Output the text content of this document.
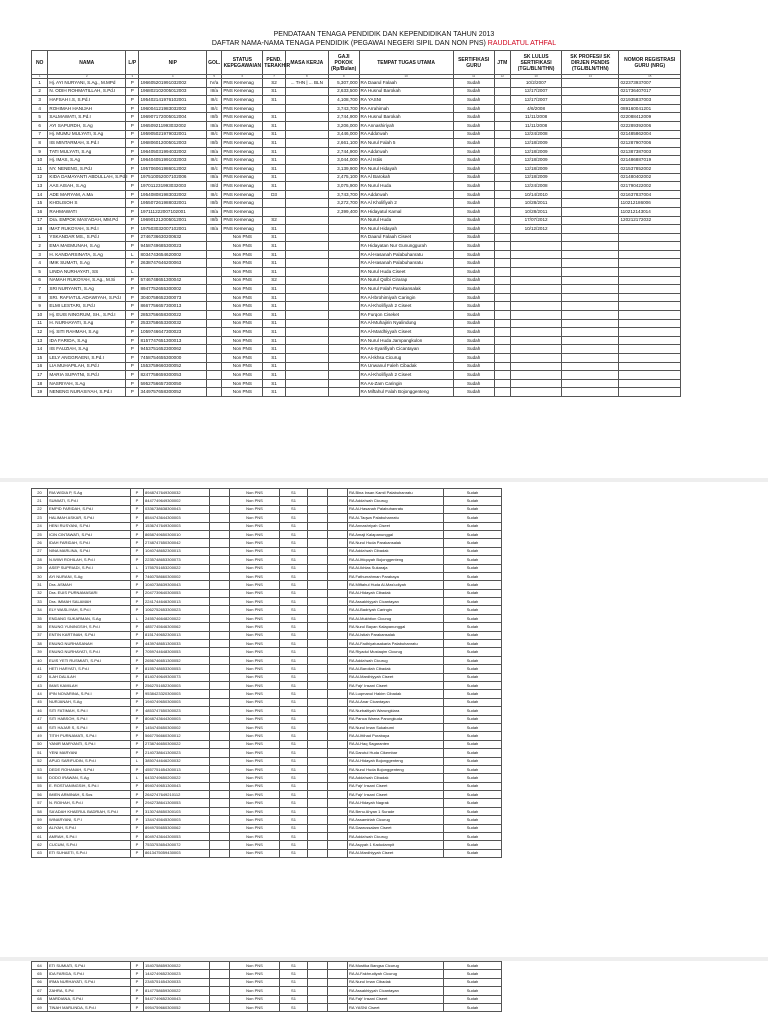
PENDATAAN TENAGA PENDIDIK DAN KEPENDIDIKAN TAHUN 2013
DAFTAR NAMA-NAMA TENAGA PENDIDIK (PEGAWAI NEGERI SIPIL DAN NON PNS) RAUDLATUL ATHFAL
NO	NAMA	L/P	NIP	GOL.	STATUS KEPEGAWAIAN	PEND. TERAKHIR	MASA KERJA	GAJI POKOK (Rp/Bulan)	TEMPAT TUGAS UTAMA	SERTIFIKASI GURU	JTM	SK LULUS SERTIFIKASI (TGL/BLN/THN)	SK PROFESI/ SK DIRJEN PENDIS (TGL/BLN/THN)	NOMOR REGISTRASI GURU (NRG)
1	2	3	4	5	6	7	8	9	10	11	12	13	14	15
1	Hj. AYI NURYANI, S.Ag., M.MPd	P	196605201991032002	IV/a	PNS Kemenag	S2	... THN | ... BLN	5,307,000	RA Daarul Falaah	Sudah		10/2/2007		022373937007
2	N. ODIH ROHMATILLAH, S.Pd.I	P	196802102005012003	III/a	PNS Kemenag	S1		2,633,500	RA Husnul Barokah	Sudah		12/17/2007		021736407017
3	HAFSAH I.S, S.Pd.I	P	195402141976102001	III/c	PNS Kemenag	S1		4,108,700	RA YASNI	Sudah		12/17/2007		021935837003
4	ROHIMAH HANIJAH	P	196004121983032002	III/c	PNS Kemenag			3,743,700	RA Arrahimah	Sudah		4/6/2008		089160041201
5	SALMAWATI, S.Pd.I	P	196907172005012004	III/b	PNS Kemenag	S1		2,744,900	RA Husnul Barokah	Sudah		11/11/2008		022088412009
6	AYI SAPURDH, S.Ag	P	196509211993032002	III/a	PNS Kemenag	S1		3,206,000	RA Annashiriyah	Sudah		11/11/2008		022289392006
7	Hj. MUMU MULYATI, S.Ag	P	195905021979032001	III/c	PNS Kemenag	S1		3,446,000	RA Adda'wah	Sudah		12/24/2008		021485862004
8	IIS MINTARMAH, S.Pd.I	P	196806012005012003	III/b	PNS Kemenag	S1		2,661,100	RA Nurul Falah 5	Sudah		12/18/2009		021287907006
9	TATI MULYATI, S.Ag	P	196405031994032002	III/a	PNS Kemenag	S1		2,744,900	RA Adda'wah	Sudah		12/18/2009		021387387003
10	Hj. IMAS, S.Ag	P	196404051991032003	III/c	PNS Kemenag	S1		3,044,000	RA Al Istiis	Sudah		12/18/2009		021486887019
11	NY. NENENG, S.Pd.I	P	195706061986012002	III/c	PNS Kemenag	S1		3,139,900	RA Nurul Hidayah	Sudah		12/18/2009		021537852002
12	KIDA DAMAYANTI ABDULLAH, S.Pd.I	P	197510052007102006	III/a	PNS Kemenag	S1		2,475,100	RA Al Barokah	Sudah		12/18/2009		021480402002
13	AAS AISAH, S.Ag	P	197011231993032003	III/d	PNS Kemenag	S1		3,075,900	RA Nurul Huda	Sudah		12/24/2008		021790422002
14	ADE MARYAM, A.Ma	P	195408081983032002	III/c	PNS Kemenag	D3		3,743,700	RA Adda'wah	Sudah		10/14/2010		021637837004
15	KHOLISOH S	P	195507261988032001	III/b	PNS Kemenag			3,272,700	RA Al Kholifiyah 2	Sudah		10/28/2011		110212186006
16	RAHMAWATI	P	197111222007102001	III/a	PNS Kemenag			2,399,400	RA Hidayatul Kamal	Sudah		10/28/2011		110212143014
17	Dra. EMPOK MAS'ADAH, MM.Pd	P	196901212005012001	III/b	PNS Kemenag	S2			RA Nurul Huda	Sudah		17/07/2012		120212172032
18	IMAT RUKOYAH, S.Pd.I	P	197503032007102001	III/a	PNS Kemenag	S1			RA Nurul Hidayah	Sudah		10/12/2012		
1	YSKANDAR MS., S.Pd.I	P	2746736630200632		Non PNS	S1			RA Daarul Falaah Ciseet	Sudah				
2	EMA MAEMUNAH, S.Ag	P	9458749685300023		Non PNS	S1			RA Hidayatan Nur Gununggurah	Sudah				
3	H. KANDARSINATA, S.Ag	L	8034743654620002		Non PNS	S1			RA Al-Hasanah Palabuhanratu	Sudah				
4	IMIK SUMATI, S.Ag	P	2638747646200063		Non PNS	S1			RA Al-Hasanah Palabuhanratu	Sudah				
5	LINDA NURHAYATI, SS	L			Non PNS	S1			RA Nurul Huda Ciseet	Sudah				
6	NAMAH RUKOYAH, S.Ag., M.Si	P	5746748651300042		Non PNS	S2			RA Nurul Qolbi Cirarap	Sudah				
7	SRI NURYANTI, S.Ag	P	8947752655300002		Non PNS	S1			RA Nurul Falah Parakansalak	Sudah				
8	SRI. RAFIATUL ADAWIYAH, S.Pd.I	P	3040758652300073		Non PNS	S1			RA Al-Ibrohimiyah Caringin	Sudah				
9	ELMI LESTARI, S.Pd.I	P	8667756657300013		Non PNS	S1			RA Al-Kholifiyah 2 Ciseet	Sudah				
10	Hj. EUIS NINGRUM, SH., S.Pd.I	P	2853756658300022		Non PNS	S1			RA Furqon Ciseket	Sudah				
11	H. NURHAYATI, S.Ag	P	2533758653300032		Non PNS	S1			RA Al-Muhajirin Nyalindung	Sudah				
12	Hj. SITI RAHMAH, S.Ag	P	1059746647300023		Non PNS	S1			RA Al-Mardhiyyah Ciseet	Sudah				
13	IDA FARIDA, S.Ag	P	8157747651300013		Non PNS	S1			RA Nurul Huda Jampangkulon	Sudah				
14	IIS FAUZIAH, S.Ag	P	9453751652300062		Non PNS	S1			RA As-Syarifiyah Cicantayan	Sudah				
15	LELY ANGGRAENI, S.Pd.I	P	7458754655300000		Non PNS	S1			RA Al-Ikhsa Cicurug	Sudah				
16	LIA MUHAPILAH, S.Pd.I	P	1553759660300052		Non PNS	S1			RA Unwanul Faleh Cibadak	Sudah				
17	MARIA SUPATNI, S.Pd.I	P	8247758659300053		Non PNS	S1			RA Al-Kholifiyah 2 Ciseet	Sudah				
18	NASRIYAH, S.Ag	P	5952756657300050		Non PNS	S1			RA As-Zam Caringin	Sudah				
19	NENENG NURASIYAH, S.Pd.I	P	3449757658300052		Non PNS	S1			RA Miftahul Falah Bojonggenteng	Sudah				
20	RIA WIDIA P, S.Ag	P	8948747649300032		Non PNS	S1			RA Bina Insan Kamil Palabuhanratu	Sudah
21	SUMIATI, S.Pd.I	P	8447749649300002		Non PNS	S1			RA Adda'wah Cicurug	Sudah
22	EMPID FARIDAH, S.Pd.I	P	0336738638300043		Non PNS	S1			RA Al-Hasanah Palabuhanratu	Sudah
23	HALIMAH ASKAR, S.Pd.I	P	8544743644300003		Non PNS	S1			RA Al-Taqwa Palabuhanratu	Sudah
24	HENI RUSYANI, S.Pd.I	P	1536747649300003		Non PNS	S1			RA Annashriyah Ciseet	Sudah
25	ICIN CINTAWATI, S.Pd.I	P	8658749650300010		Non PNS	S1			RA Amaji Kalapanunggal	Sudah
26	IDAH FARIDAH, S.Pd.I	P	2748747650300042		Non PNS	S1			RA Nurul Huda Parakansalak	Sudah
27	NINA MARLINA, S.Pd.I	P	1040748652300013		Non PNS	S1			RA Adda'wah Cibadak	Sudah
28	N.WIWI ROHILAH, S.Pd.I	P	2235748653300073		Non PNS	S1			RA Al-Ittiqoyah Bojonggenteng	Sudah
29	ASEP SUPRIADI, S.Pd.I	L	1755751653200022		Non PNS	S1			RA Al-Ikhlas Sukaraja	Sudah
30	AYI NURANI, S.Ag	P	7460758660300002		Non PNS	S1			RA Fathurrahman Parabaya	Sudah
31	Dra. ASMAH	P	1040738639300043		Non PNS	S1			RA Miftahul Huda Al-Mas'udiyah	Sudah
32	Dra. EUIS PURNAMASARI	P	2047739640300053		Non PNS	S1			RA Al-Hidayah Cibadak	Sudah
33	Dra. IMMAH SALAMAH	P	2241744646300013		Non PNS	S1			RA Assakhiyyah Cicantayan	Sudah
34	ELY WASLIYAH, S.Pd.I	P	1062752653300023		Non PNS	S1			RA Al-Badriyah Caringin	Sudah
35	ENDANG SUKARMAN, S.Ag	L	2455746648200022		Non PNS	S1			RA Al-Mukhtion Cicurug	Sudah
36	ENUNG YUNINGSIH, S.Pd.I	P	4857745646300062		Non PNS	S1			RA Nurul Bayan Kalapanunggal	Sudah
37	ENTIN KARTINAH, S.Pd.I	P	8151749652300013		Non PNS	S1			RA Al-Istiah Parakansalak	Sudah
38	ENUNG NURHASANAH	P	4439748651300033		Non PNS	S1			RA Al-Fadhiyatusakaria Palabuhanratu	Sudah
39	ENUNG NURHAYATI, S.Pd.I	P	7059744648300053		Non PNS	S1			RA Riyadul Mustaqim Cicurug	Sudah
40	EUIS YETI RUSMIATI, S.Pd.I	P	2656746651300052		Non PNS	S1			RA Adda'wah Cicurug	Sudah
41	HETI HARYATI, S.Pd.I	P	8155748653300053		Non PNS	S1			RA Al-Baroliah Cibadak	Sudah
42	ILAH DALILAH	P	8140749649300073		Non PNS	S1			RA Al-Mardhiyyah Ciseet	Sudah
43	IMAS KAMILAH	P	2562751652300003		Non PNS	S1			RA Fajr' Insani Ciseet	Sudah
44	IPIN NOVARINA, S.Pd.I	P	9538423320300003		Non PNS	S1			RA Luqmanul Hakim Cibadak	Sudah
45	NURJANAH, S.Ag	P	1940749650300003		Non PNS	S1			RA Al-Anar Cicantayan	Sudah
46	SITI FATIMAH, S.Pd.I	P	4853747650300023		Non PNS	S1			RA Nurbaitiyah Warungkiara	Sudah
47	SITI HABSOH, S.Pd.I	P	8048743644300003		Non PNS	S1			RA Panca Warna Parungkuda	Sudah
48	SITI HAJAR S, S.Pd.I	P	1454745650300002		Non PNS	S1			RA Nurul Iman Sukabumi	Sudah
49	TITIH PURNAMATI, S.Pd.I	P	5667756660300012		Non PNS	S1			RA Al-Ittihad Purabaya	Sudah
50	YANIR MARYANTI, S.Pd.I	P	2738746650300022		Non PNS	S1			RA Al-Haq Sagaranten	Sudah
51	YENI MARYANI	P	2140738641300023		Non PNS	S1			RA Darutul Huda Cikembar	Sudah
52	APUD SARIFUDIN, S.Pd.I	L	3850744646200032		Non PNS	S1			RA Al-Hidayah Bojonggenteng	Sudah
53	DEDE ROHANAH, S.Pd.I	P	4557751654300013		Non PNS	S1			RA Nurul Huda Bojonggenteng	Sudah
54	DODO IRAWAN, S.Ag	L	6433749650200022		Non PNS	S1			RA Adda'wah Cibadak	Sudah
55	E. ROSTIANINGSIH, S.Pd.I	P	8940749651300043		Non PNS	S1			RA Fajr' Insani Ciseet	Sudah
56	IMIEN ARMINAH, S.Sos	P	2642747649210112		Non PNS	S1			RA Fajr' Insani Ciseet	Sudah
57	N. ROIHAH, S.Pd.I	P	2942738641300053		Non PNS	S1			RA Al-Hidayah Nagrak	Sudah
58	SA'ADAH KHAERUL BADRIAH, S.Pd.I	P	3130748650300103		Non PNS	S1			RA Benu Ahyan 1 Surade	Sudah
59	WINARYANI, S.P.I	P	1344745645300003		Non PNS	S1			RA Assamiriah Cicurug	Sudah
60	ALIYAH, S.Pd.I	P	8949755655300062		Non PNS	S1			RA Daarussalam Ciseet	Sudah
61	AMRAH, S.Pd.I	P	8049743644300053		Non PNS	S1			RA Adda'wah Cicurug	Sudah
62	CUCUM, S.Pd.I	P	7533753654300072		Non PNS	S1			RA Asyyah 1 Kadudampit	Sudah
63	ETI SUHAETI, S.Pd.I	P	8613475059430003		Non PNS	S1			RA Al-Mardhiyyah Ciseet	Sudah
64	ETI SUMIATI, S.Pd.I	P	1540758659300022		Non PNS	S1			RA Mustika Bangsa Cicurug	Sudah
65	IDA FARIDA, S.Pd.I	P	1442749652300023		Non PNS	S1			RA Al-Fakhrudiyah Cicurug	Sudah
66	IRMA NURHAYATI, S.Pd.I	P	2345751654300033		Non PNS	S1			RA Nurul Iman Cibadak	Sudah
67	ZAHRA, S.Pd	P	8147758659300022		Non PNS	S1			RA Assakhiyyah Cicantayan	Sudah
68	MARDIANA, S.Pd.I	P	5447749652300043		Non PNS	S1			RA Fajr' Insani Ciseet	Sudah
69	TINAH MARLINDA, S.Pd.I	P	0954759660300052		Non PNS	S1			RA YASNI Ciseet	Sudah
